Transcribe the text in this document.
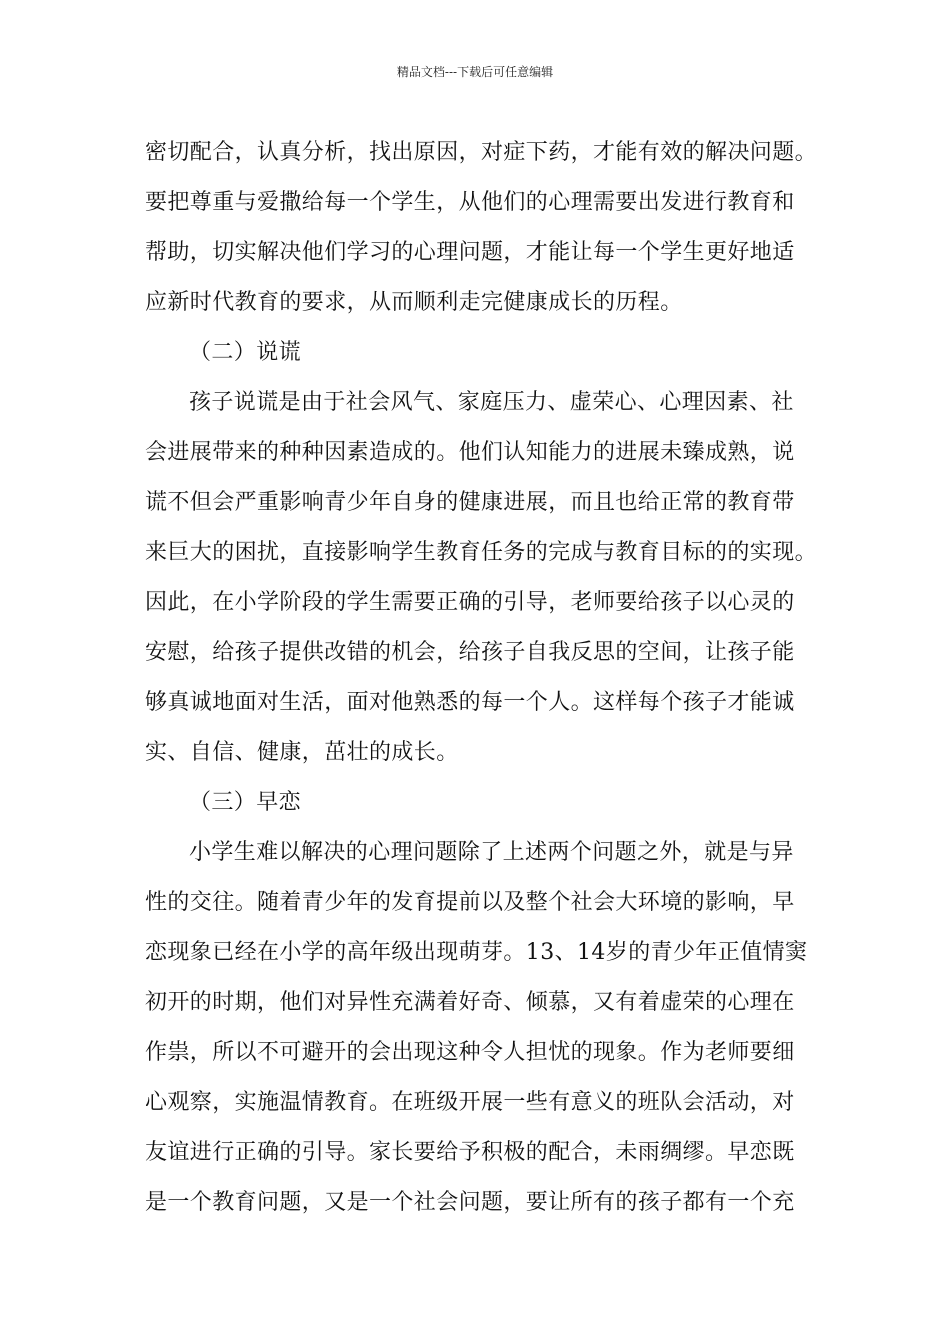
精品文档---下载后可任意编辑
密切配合，认真分析，找出原因，对症下药，才能有效的解决问题。
要把尊重与爱撒给每一个学生，从他们的心理需要出发进行教育和
帮助，切实解决他们学习的心理问题，才能让每一个学生更好地适
应新时代教育的要求，从而顺利走完健康成长的历程。
（二）说谎
孩子说谎是由于社会风气、家庭压力、虚荣心、心理因素、社
会进展带来的种种因素造成的。他们认知能力的进展未臻成熟，说
谎不但会严重影响青少年自身的健康进展，而且也给正常的教育带
来巨大的困扰，直接影响学生教育任务的完成与教育目标的的实现。
因此，在小学阶段的学生需要正确的引导，老师要给孩子以心灵的
安慰，给孩子提供改错的机会，给孩子自我反思的空间，让孩子能
够真诚地面对生活，面对他熟悉的每一个人。这样每个孩子才能诚
实、自信、健康，茁壮的成长。
（三）早恋
小学生难以解决的心理问题除了上述两个问题之外，就是与异
性的交往。随着青少年的发育提前以及整个社会大环境的影响，早
恋现象已经在小学的高年级出现萌芽。13、14岁的青少年正值情窦
初开的时期，他们对异性充满着好奇、倾慕，又有着虚荣的心理在
作祟，所以不可避开的会出现这种令人担忧的现象。作为老师要细
心观察，实施温情教育。在班级开展一些有意义的班队会活动，对
友谊进行正确的引导。家长要给予积极的配合，未雨绸缪。早恋既
是一个教育问题，又是一个社会问题，要让所有的孩子都有一个充
